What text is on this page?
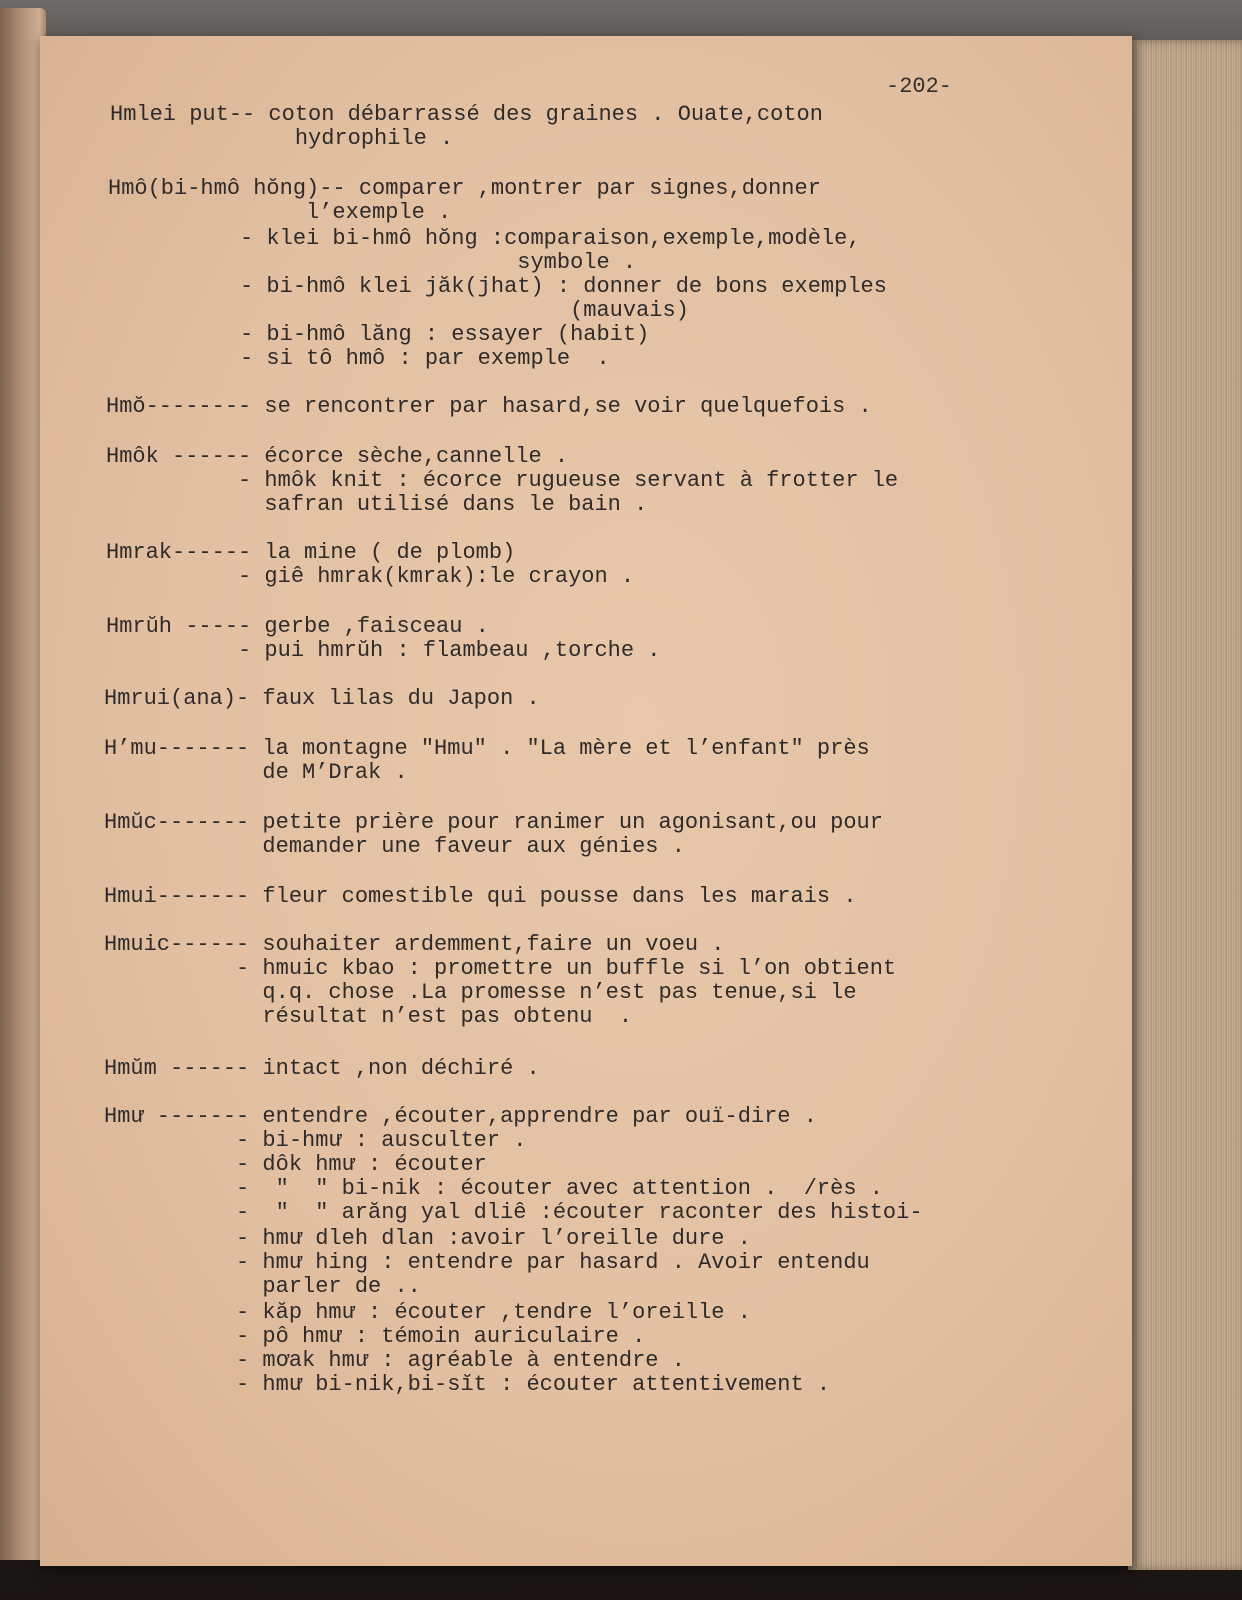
-202-
Hmlei put-- coton débarrassé des graines . Ouate,coton
hydrophile .
Hmô(bi-hmô hŏng)-- comparer ,montrer par signes,donner
l’exemple .
- klei bi-hmô hŏng :comparaison,exemple,modèle,
symbole .
- bi-hmô klei jăk(jhat) : donner de bons exemples
(mauvais)
- bi-hmô lăng : essayer (habit)
- si tô hmô : par exemple  .
Hmŏ-------- se rencontrer par hasard,se voir quelquefois .
Hmôk ------ écorce sèche,cannelle .
- hmôk knit : écorce rugueuse servant à frotter le
safran utilisé dans le bain .
Hmrak------ la mine ( de plomb)
- giê hmrak(kmrak):le crayon .
Hmrŭh ----- gerbe ,faisceau .
- pui hmrŭh : flambeau ,torche .
Hmrui(ana)- faux lilas du Japon .
H’mu------- la montagne "Hmu" . "La mère et l’enfant" près
de M’Drak .
Hmŭc------- petite prière pour ranimer un agonisant,ou pour
demander une faveur aux génies .
Hmui------- fleur comestible qui pousse dans les marais .
Hmuic------ souhaiter ardemment,faire un voeu .
- hmuic kbao : promettre un buffle si l’on obtient
q.q. chose .La promesse n’est pas tenue,si le
résultat n’est pas obtenu  .
Hmŭm ------ intact ,non déchiré .
Hmư ------- entendre ,écouter,apprendre par ouï-dire .
- bi-hmư : ausculter .
- dôk hmư : écouter
-  "  " bi-nik : écouter avec attention .  /rès .
-  "  " arăng yal dliê :écouter raconter des histoi-
- hmư dleh dlan :avoir l’oreille dure .
- hmư hing : entendre par hasard . Avoir entendu
parler de ..
- kăp hmư : écouter ,tendre l’oreille .
- pô hmư : témoin auriculaire .
- mơak hmư : agréable à entendre .
- hmư bi-nik,bi-sĭt : écouter attentivement .
